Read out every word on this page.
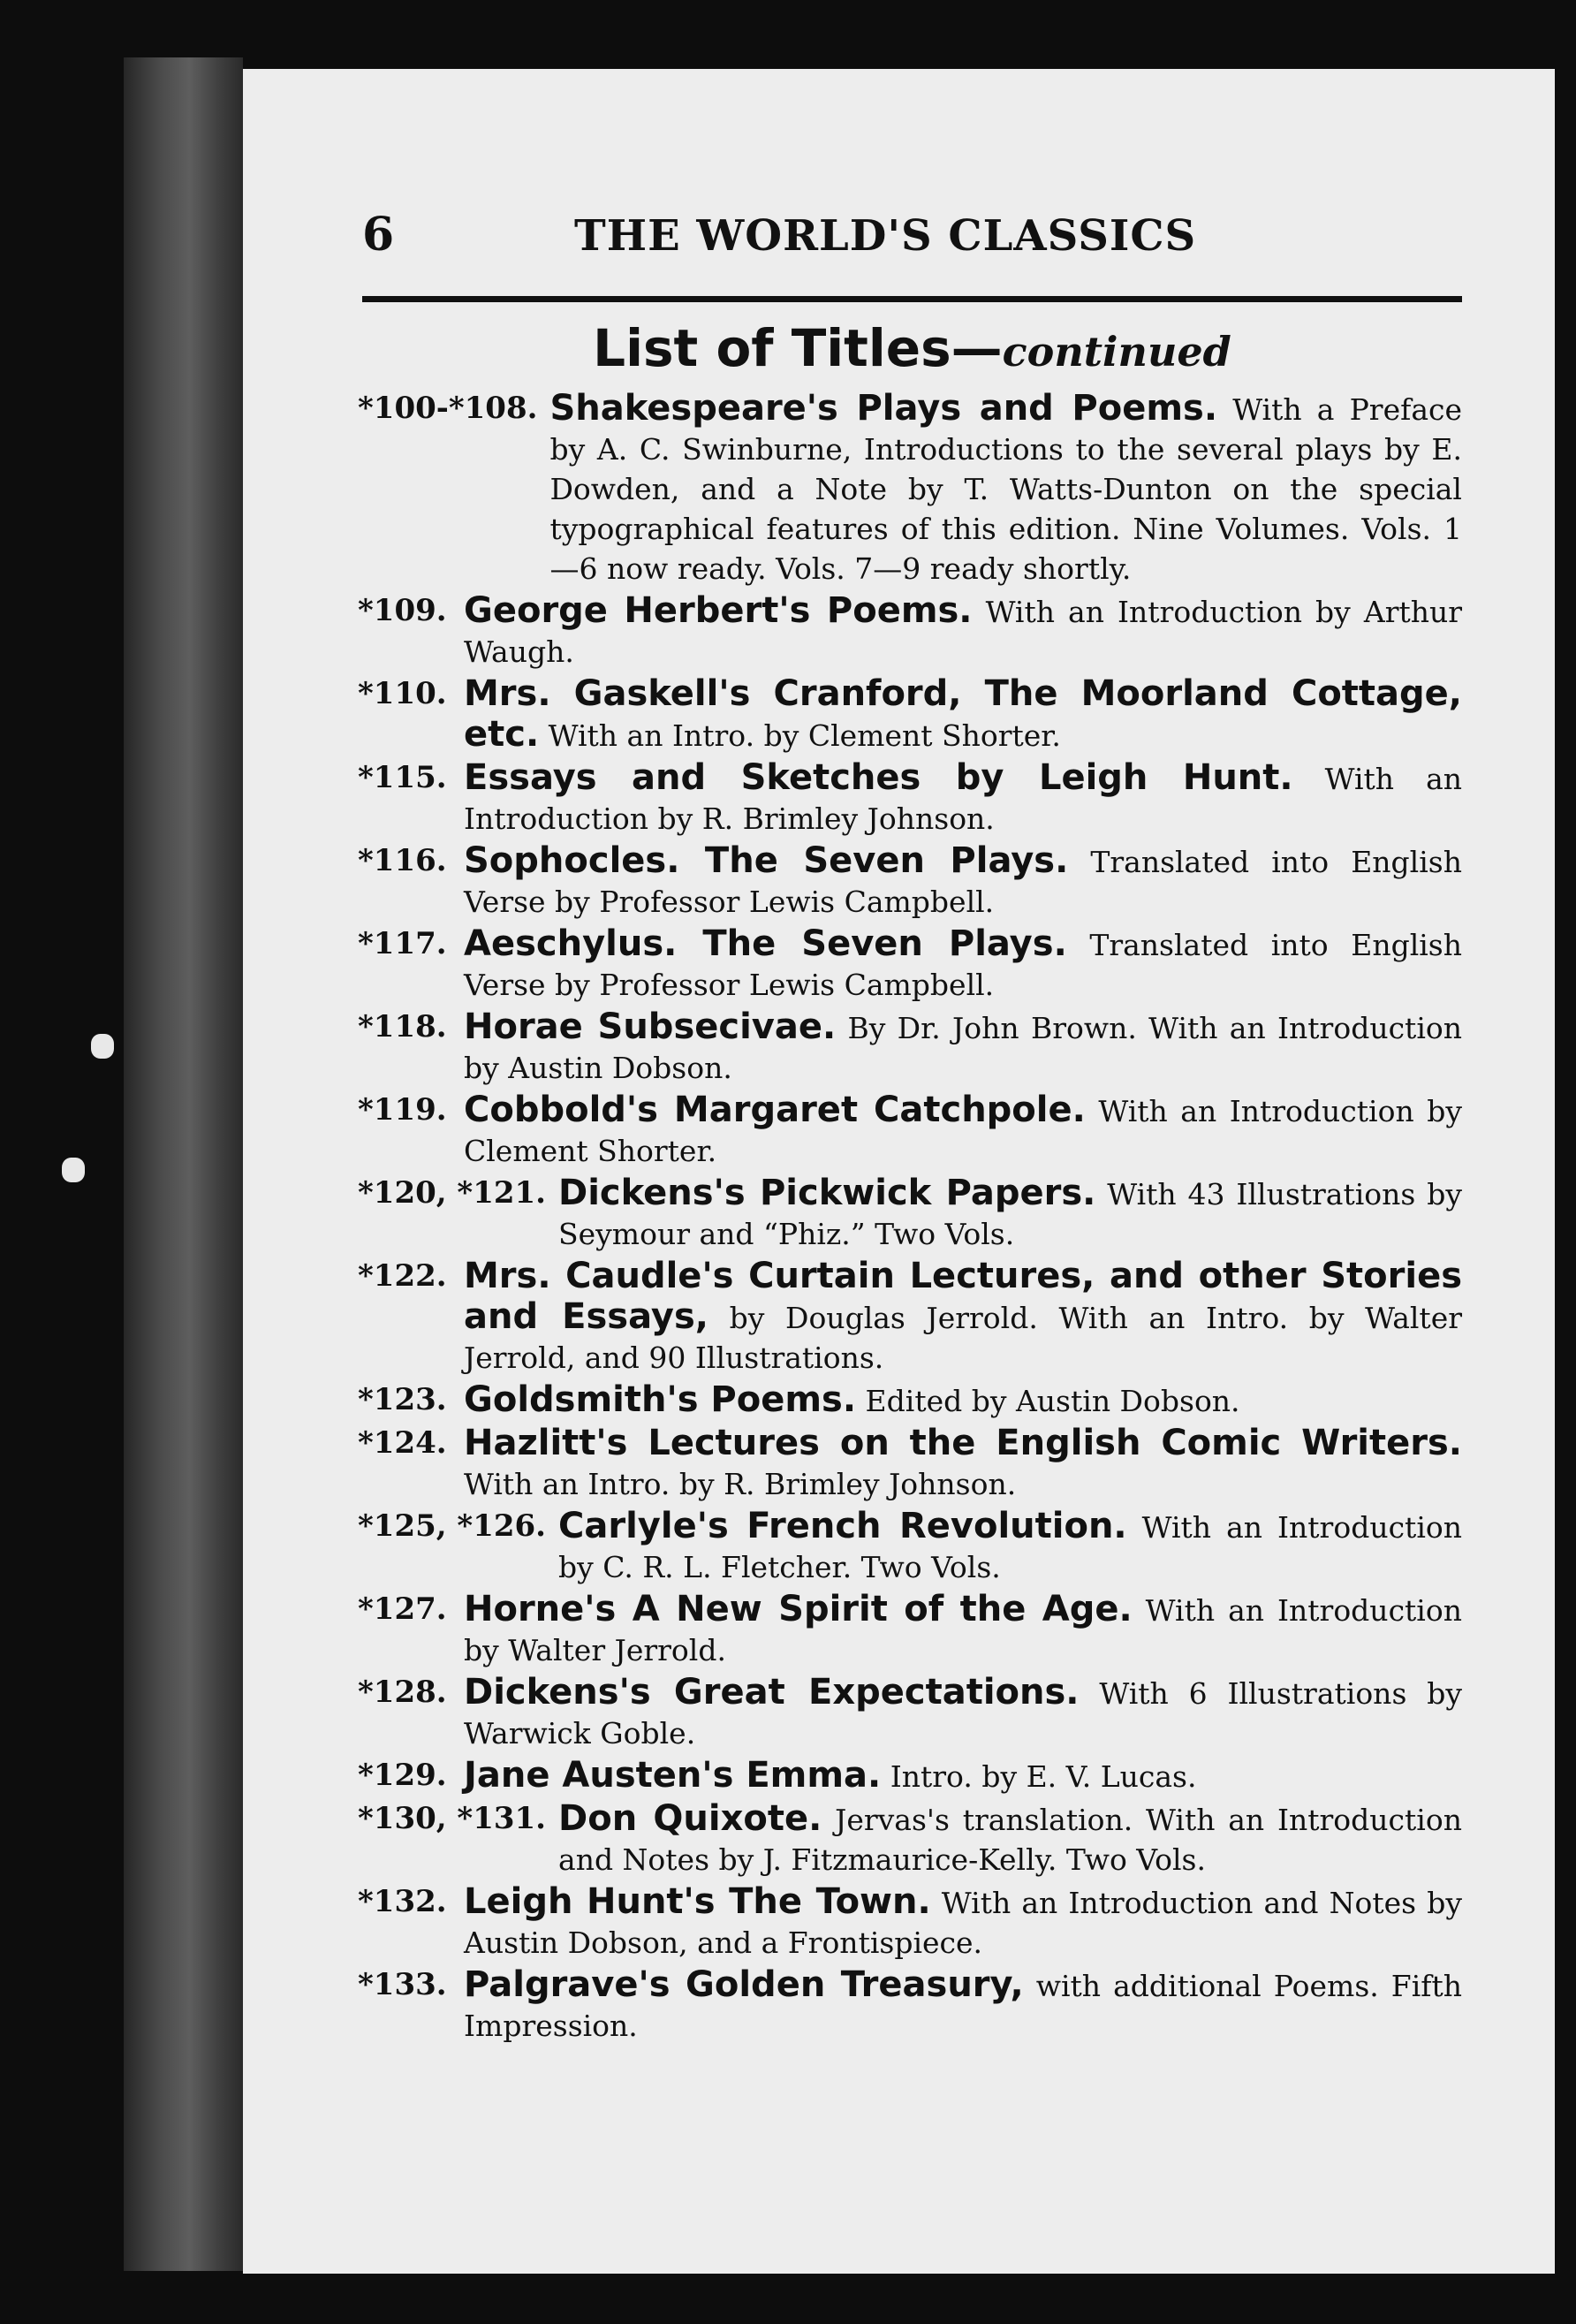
6	THE WORLD'S CLASSICS
List of Titles—continued
*100-*108. Shakespeare's Plays and Poems. With a Preface by A. C. Swinburne, Introductions to the several plays by E. Dowden, and a Note by T. Watts-Dunton on the special typographical features of this edition. Nine Volumes. Vols. 1—6 now ready. Vols. 7—9 ready shortly.
*109. George Herbert's Poems. With an Introduction by Arthur Waugh.
*110. Mrs. Gaskell's Cranford, The Moorland Cottage, etc. With an Intro. by Clement Shorter.
*115. Essays and Sketches by Leigh Hunt. With an Introduction by R. Brimley Johnson.
*116. Sophocles. The Seven Plays. Translated into English Verse by Professor Lewis Campbell.
*117. Aeschylus. The Seven Plays. Translated into English Verse by Professor Lewis Campbell.
*118. Horae Subsecivae. By Dr. John Brown. With an Introduction by Austin Dobson.
*119. Cobbold's Margaret Catchpole. With an Introduction by Clement Shorter.
*120, *121. Dickens's Pickwick Papers. With 43 Illustrations by Seymour and “Phiz.” Two Vols.
*122. Mrs. Caudle's Curtain Lectures, and other Stories and Essays, by Douglas Jerrold. With an Intro. by Walter Jerrold, and 90 Illustrations.
*123. Goldsmith's Poems. Edited by Austin Dobson.
*124. Hazlitt's Lectures on the English Comic Writers. With an Intro. by R. Brimley Johnson.
*125, *126. Carlyle's French Revolution. With an Introduction by C. R. L. Fletcher. Two Vols.
*127. Horne's A New Spirit of the Age. With an Introduction by Walter Jerrold.
*128. Dickens's Great Expectations. With 6 Illustrations by Warwick Goble.
*129. Jane Austen's Emma. Intro. by E. V. Lucas.
*130, *131. Don Quixote. Jervas's translation. With an Introduction and Notes by J. Fitzmaurice-Kelly. Two Vols.
*132. Leigh Hunt's The Town. With an Introduction and Notes by Austin Dobson, and a Frontispiece.
*133. Palgrave's Golden Treasury, with additional Poems. Fifth Impression.
